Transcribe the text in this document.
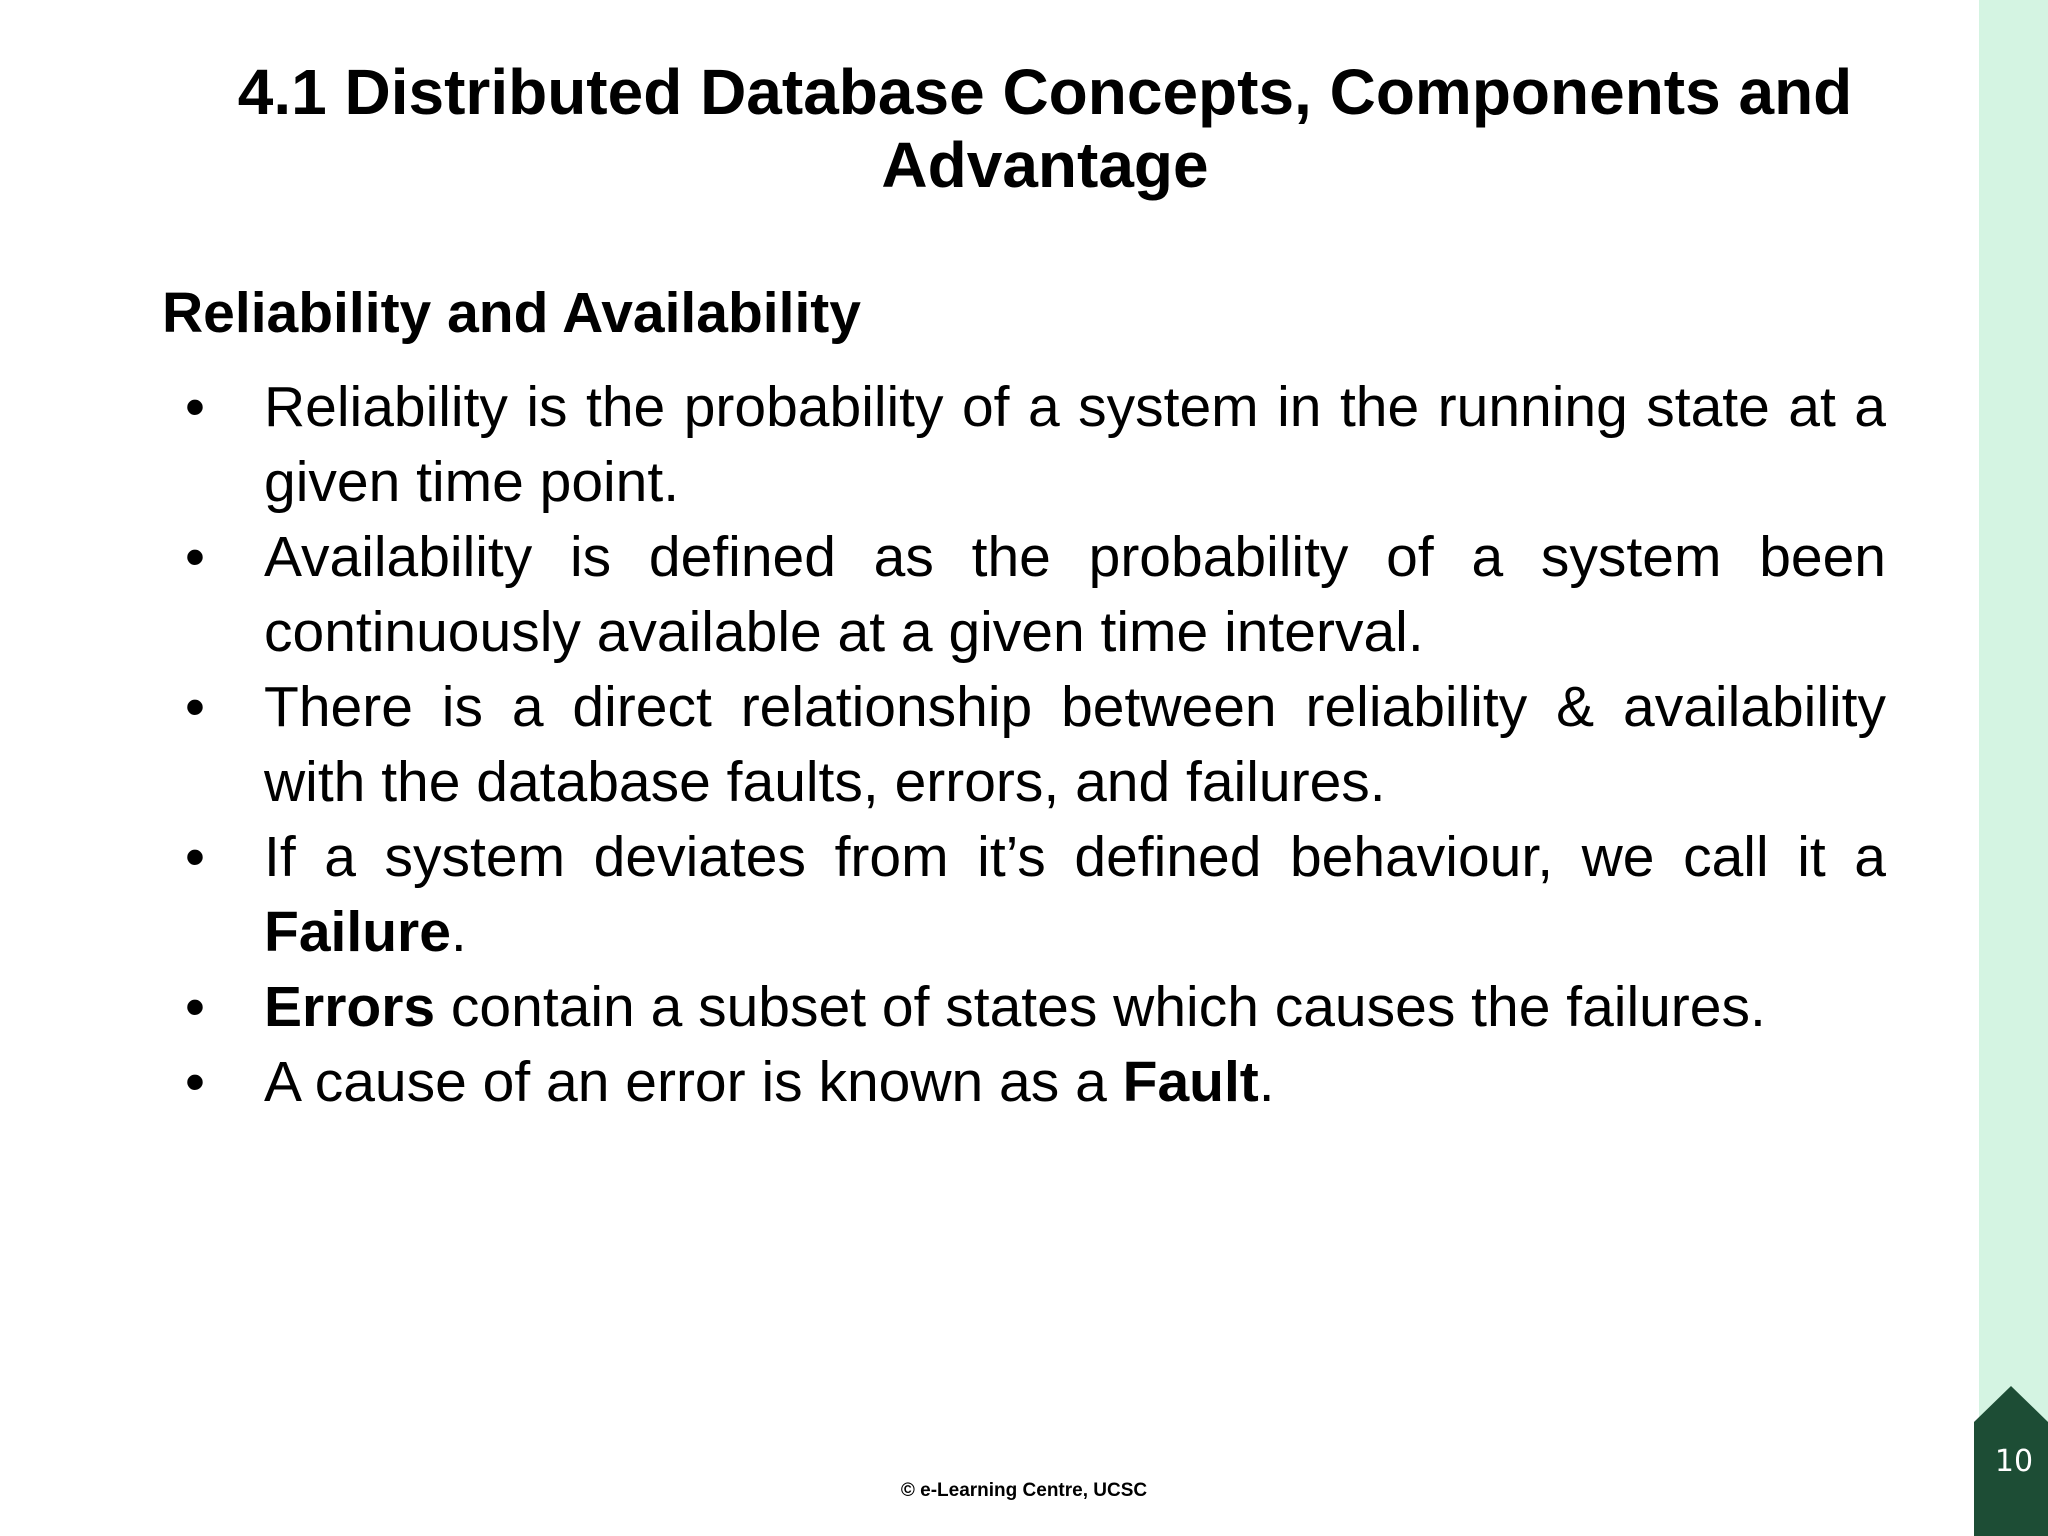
4.1 Distributed Database Concepts, Components and Advantage
Reliability and Availability
• Reliability is the probability of a system in the running state at a given time point.
• Availability is defined as the probability of a system been continuously available at a given time interval.
• There is a direct relationship between reliability & availability with the database faults, errors, and failures.
• If a system deviates from it’s defined behaviour, we call it a Failure.
• Errors contain a subset of states which causes the failures.
• A cause of an error is known as a Fault.
10
© e-Learning Centre, UCSC
